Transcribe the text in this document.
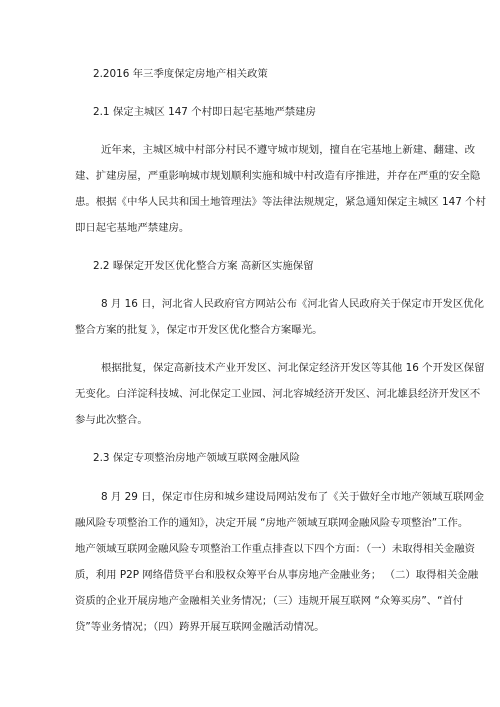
2.2016 年三季度保定房地产相关政策
2.1 保定主城区 147 个村即日起宅基地严禁建房
近年来，主城区城中村部分村民不遵守城市规划，擅自在宅基地上新建、翻建、改
建、扩建房屋，严重影响城市规划顺利实施和城中村改造有序推进，并存在严重的安全隐
患。根据《中华人民共和国土地管理法》等法律法规规定，紧急通知保定主城区 147 个村
即日起宅基地严禁建房。
2.2 曝保定开发区优化整合方案 高新区实施保留
8 月 16 日，河北省人民政府官方网站公布《河北省人民政府关于保定市开发区优化
整合方案的批复 》，保定市开发区优化整合方案曝光。
根据批复，保定高新技术产业开发区、河北保定经济开发区等其他 16 个开发区保留
无变化。白洋淀科技城、河北保定工业园、河北容城经济开发区、河北雄县经济开发区不
参与此次整合。
2.3 保定专项整治房地产领域互联网金融风险
8 月 29 日，保定市住房和城乡建设局网站发布了《关于做好全市地产领域互联网金
融风险专项整治工作的通知》，决定开展 “房地产领域互联网金融风险专项整治”工作。
地产领域互联网金融风险专项整治工作重点排查以下四个方面：（一）未取得相关金融资
质，利用 P2P 网络借贷平台和股权众筹平台从事房地产金融业务； （二）取得相关金融
资质的企业开展房地产金融相关业务情况；（三）违规开展互联网 “众筹买房”、“首付
贷”等业务情况；（四）跨界开展互联网金融活动情况。
